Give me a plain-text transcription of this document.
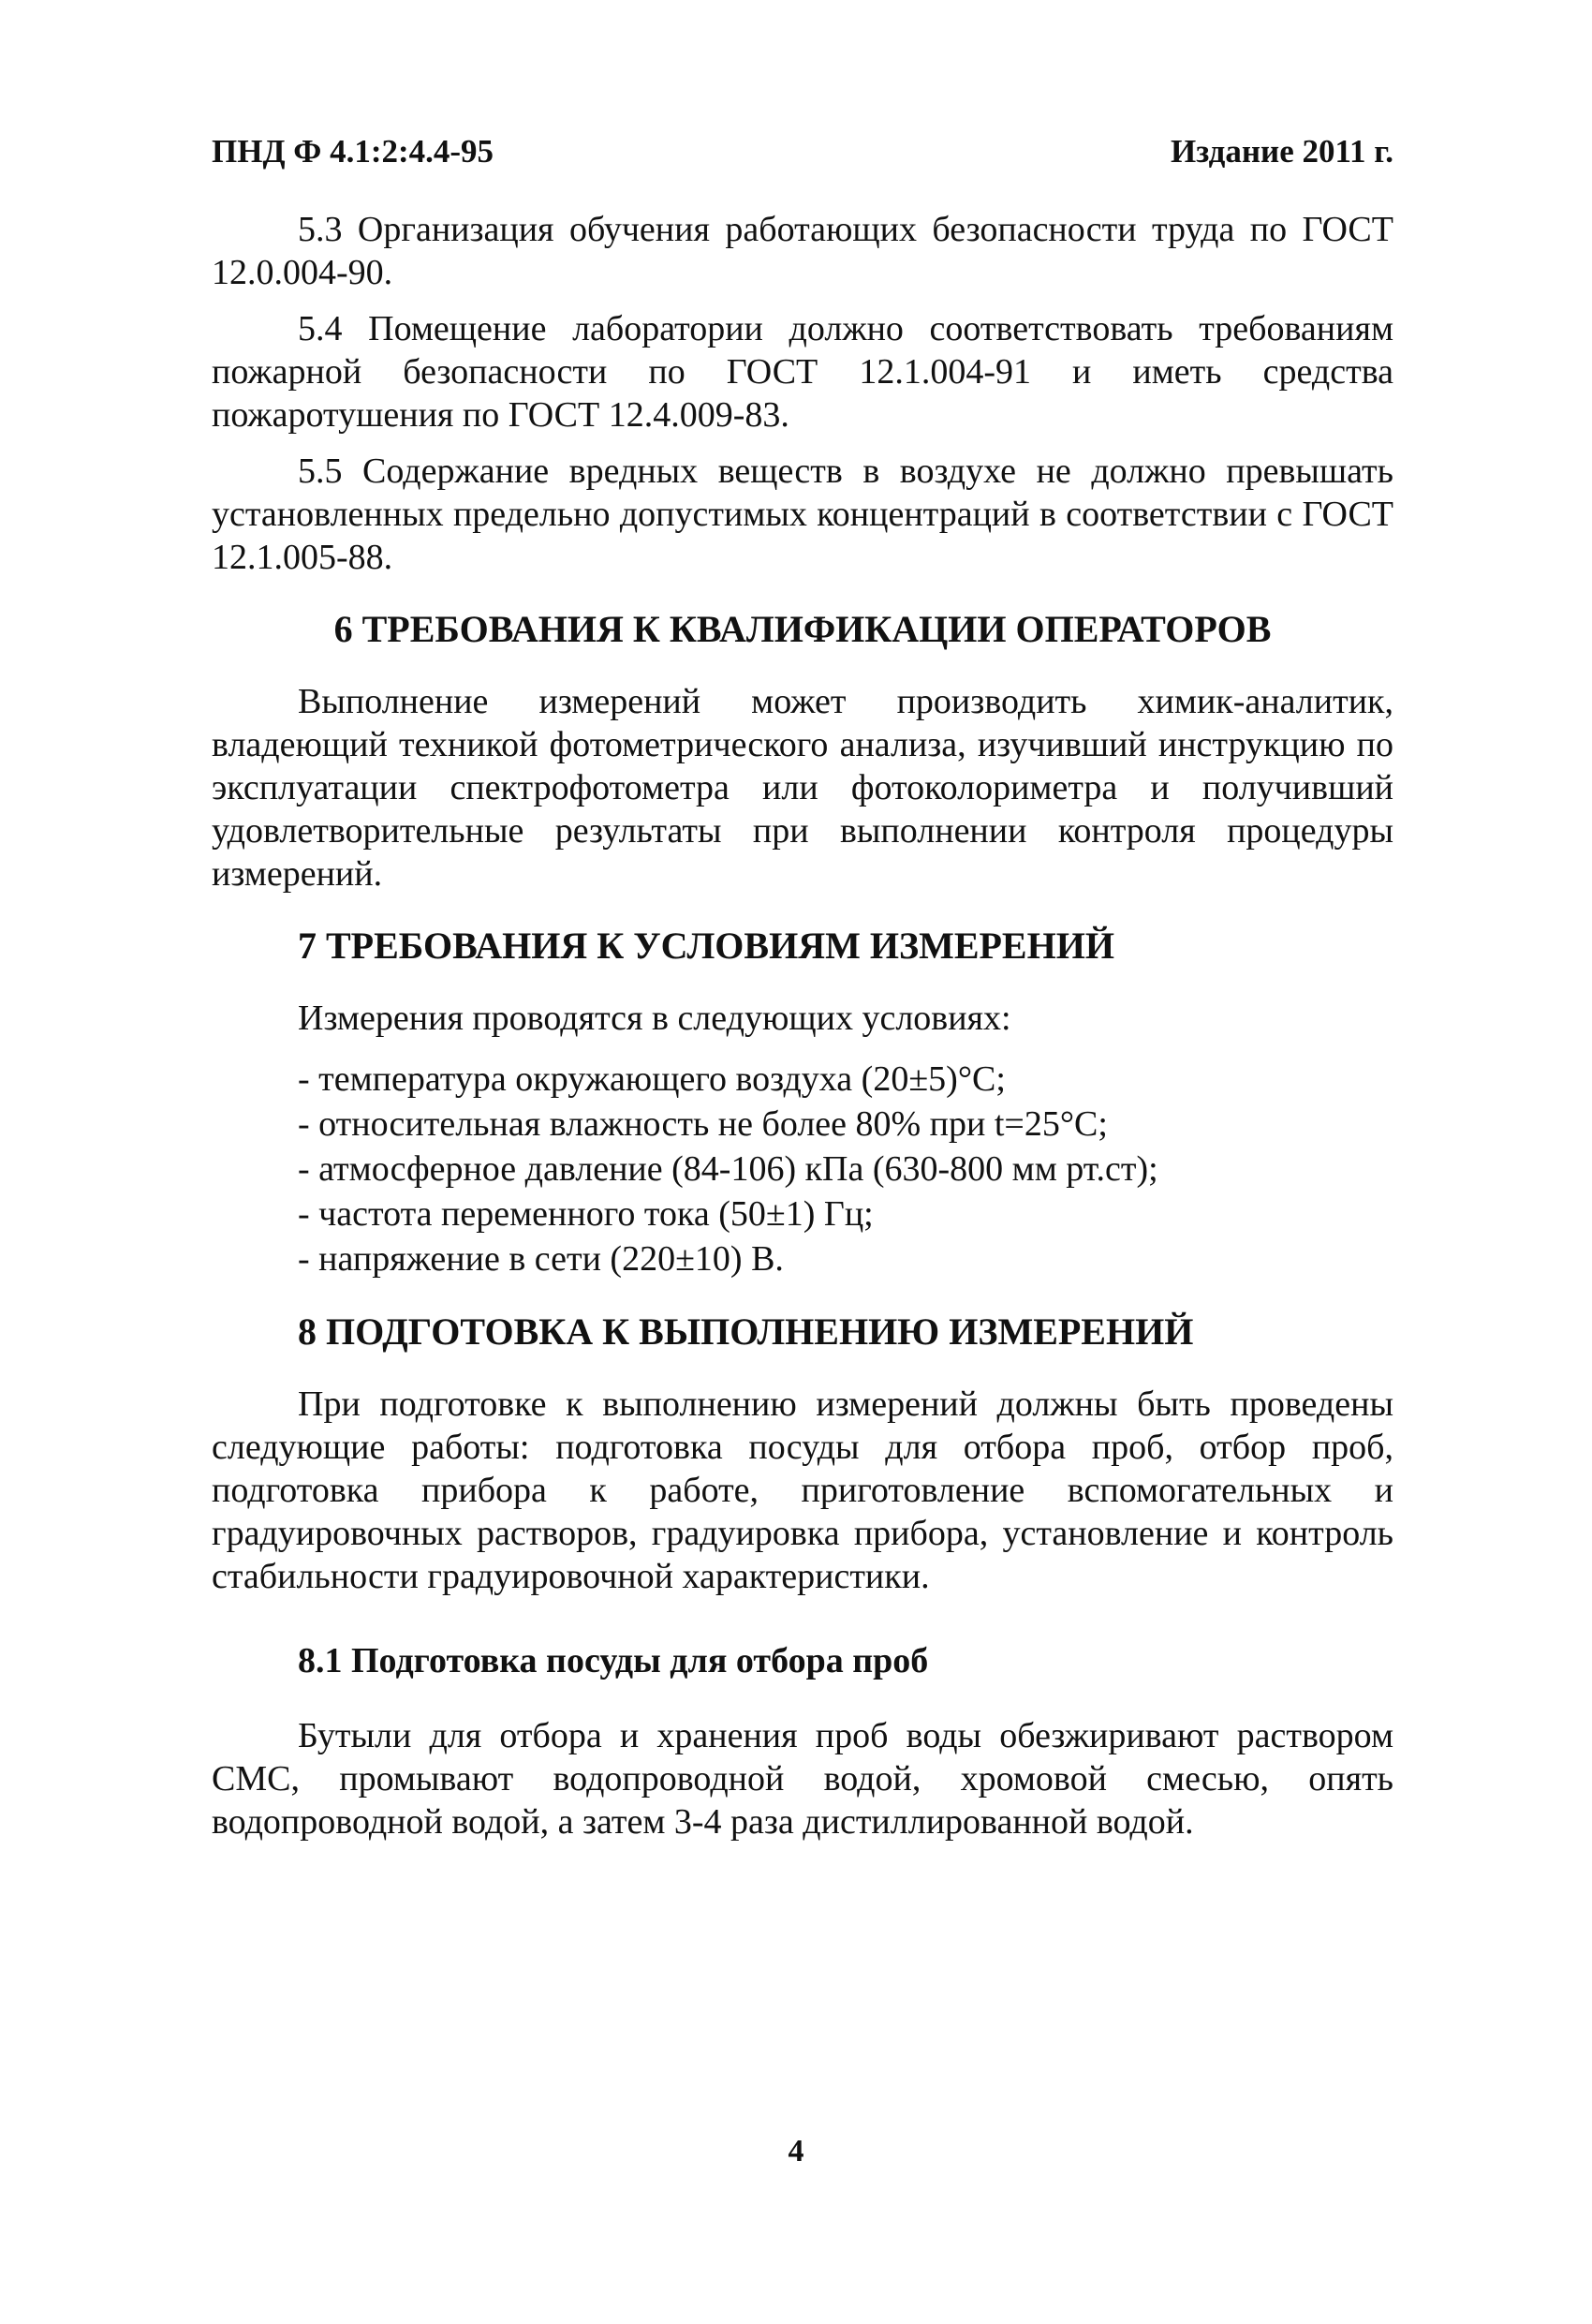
ПНД Ф 4.1:2:4.4-95	Издание 2011 г.

5.3 Организация обучения работающих безопасности труда по ГОСТ 12.0.004-90.

5.4 Помещение лаборатории должно соответствовать требованиям пожарной безопасности по ГОСТ 12.1.004-91 и иметь средства пожаротушения по ГОСТ 12.4.009-83.

5.5 Содержание вредных веществ в воздухе не должно превышать установленных предельно допустимых концентраций в соответствии с ГОСТ 12.1.005-88.

6 ТРЕБОВАНИЯ К КВАЛИФИКАЦИИ ОПЕРАТОРОВ

Выполнение измерений может производить химик-аналитик, владеющий техникой фотометрического анализа, изучивший инструкцию по эксплуатации спектрофотометра или фотоколориметра и получивший удовлетворительные результаты при выполнении контроля процедуры измерений.

7 ТРЕБОВАНИЯ К УСЛОВИЯМ ИЗМЕРЕНИЙ
Измерения проводятся в следующих условиях:
- температура окружающего воздуха (20±5)°С;
- относительная влажность не более 80% при t=25°С;
- атмосферное давление (84-106) кПа (630-800 мм рт.ст);
- частота переменного тока (50±1) Гц;
- напряжение в сети (220±10) В.
8 ПОДГОТОВКА К ВЫПОЛНЕНИЮ ИЗМЕРЕНИЙ

При подготовке к выполнению измерений должны быть проведены следующие работы: подготовка посуды для отбора проб, отбор проб, подготовка прибора к работе, приготовление вспомогательных и градуировочных растворов, градуировка прибора, установление и контроль стабильности градуировочной характеристики.

8.1 Подготовка посуды для отбора проб

Бутыли для отбора и хранения проб воды обезжиривают раствором СМС, промывают водопроводной водой, хромовой смесью, опять водопроводной водой, а затем 3-4 раза дистиллированной водой.

4
